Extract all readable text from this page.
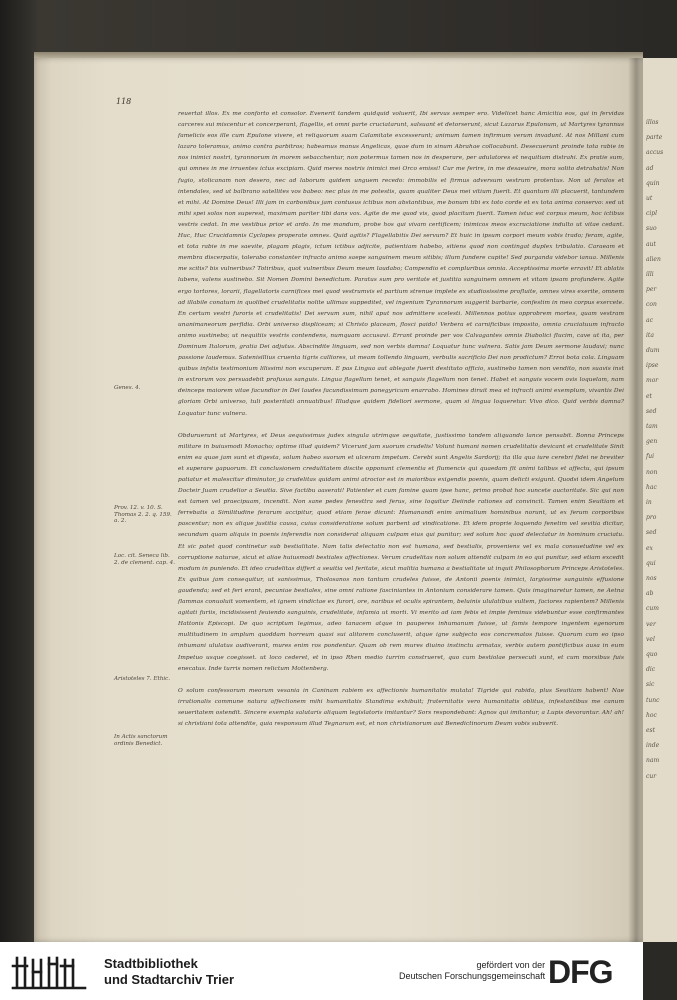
illos
parte
accus
ad
quin
ut
cipl
suo
aut
alien
illi
per
con
ac
ita
dum
ipse
mor
et
sed
tam
gen
fui
non
hac
in
pro
sed
ex
qui
nos
ab
cum
ver
vel
quo
dic
sic
tunc
hoc
est
inde
nam
cur
118

reuertat illos. Ex me conforto et consolor. Evenerit tandem quidquid voluerit, Ibi servus semper ero. Videlicet hanc Amicitia eos, qui in fervidas carceres sui miscentur et concerperant, flagellis, et omni parte cruciatarunt, salsuant et detorserunt, sicut Lazarus Epulonum, ut Martyres tyrannus famelicis eos ille cum Epulone vivere, et reliquorum suam Calamitate excesserunt; animum tamen infirmum verum invadunt. At nos Millani cum lazaro toleramus, animo contra parbitros; habeamus manus Angelicas, quae dum in sinum Abrahae collocabunt. Desecuerunt proinde tota rabie in nos inimici nostri, tyrannorum in morem sebacchentur, non potermus tamen nos in desperare, per adulatores et nequitiam distrahi. Ex pratie sum, qui omnes in me irruentes ictus excipiam. Quid meres nostris inimici mei Orco emissi! Cur me ferire, in me desaeuire, mora solito detrahatis! Non fugio, stolicanam non desero, nec ad laborum quidem unguem recedo: immobilis et firmus adversum vestrum protentus. Non ut feralos et intendales, sed ut balbrano satellites vos babeo: nec plus in me potestis, quam qualiter Deus mei vitium fuerit. Et quantum illi placuerit, tantundem et mihi. At Domine Deus! Illi jam in carbonibus jam contusus ictibus non abstantibus, me bonum tibi ex toto corde et ex tota anima conservo: sed ut mihi spei solos non superest, maximam pariter tibi dans vox. Agite de me quod vis, quod placitum fuerit. Tamen istuc est corpus meum, hoc ictibus vestris cedat. In me vestibus prior et ardo. In me mandum, probe hos qui vivam certificem; inimicos meos excruciatione indulto ut vitae cedant. Huc, Huc Crucidamnis Cyclopes properate omnes. Quid agitis? Flagellabitis Dei servum? Et huic in ipsum corpori meum vobis trado; feram, agite, et tota rabie in me saevite, plagam plagis, ictum ictibus adjicite, patientiam habebo, sitiens quod non contingat duplex tribulatio. Caraeam et membra discerpatis, tolerabo constanter infracto animo saepe sanguinem meum sitibis; illum fundere cupite! Sed purganda videbor ianua. Millenis me scitis? bis vulneribus? Totiribus, quot vulneribus Deum meum laudabo; Campendio et compluribus omnia. Acceptissima morte erravit! Et ablatis lubens, valens sustinebo. Sit Nomen Domini benedictum. Paratus sum pro veritate et justitia sanguinem omnem et vitam ipsam profundere. Agite ergo tortores, lorarii, flagellatoris carnifices mei quod vestrumvis et partium strenue implete ex studiosissime profluite, omnes vires exerite, omnem ad illabile conatum in quolibet crudelitatis nolite ullimas suppeditet, vel ingenium Tyrannorum suggerit barbarie, confestim in meo corpus exercete. En certum vestri furoris et crudelitatis! Dei servum sum, nihil aput nos admittere scelesti. Millennos potius opprobrem mortes, quam vestram unanimaneorum perfidia. Orbi universo displiceam; si Christo placeam, flosci paido! Verbera et carnificibus imposito, omnia cruciatuum infracto animo sustinebo; ut nequitiis vestris contendens, numquam accusavi. Errant proinde per vos Calvagantes omnis Diabolici flucim, cave ut ita, per Dominum Italorum, gratia Dei adjutus. Abscindite linguam, sed non verbis damna! Loquatur tunc vulnera. Satis jam Deum sermone laudavi; nunc passione laudemus. Satenisillius cruenta tigris calliores, ut meam tollendo linguam, verbulis sacrificio Dei non prodictum? Erroi bota cola. Linguam quibus infstis testimonium lilissimi non excuperam. E pas Lingua aut ablegate fuerit destituto officio, sustinebo tamen non vendito, non suavis inst in extrorum vox persuadebit profusus sanguis. Lingua flagellum tenet, et sanguis flagellum non tenet. Habet et sanguis vocem ovis loquelam, nam deinceps maiorem vitae facundior in Dei laudes facundissimum panegyricum enarrabo. Homines diruit mea et infracti animi exemplum, vivantis Dei gloriam Orbi universo, tuli posteritati annuatibus! Illudque quidem fideliori sermone, quam si lingua loqueretur. Vivo dico. Quid verbis damna? Loquatur tunc vulnera.

Obduruerunt ut Martyres, et Deus aequissimus judex singula utrimque aequitate, justissimo tandem aliquando lance pensabit. Bonna Princeps militare in buiusmodi Monacho; optime illud quidem? Vicerunt jam suorum crudelis! Volunt humani nomen crudelitatis devicant et crudelitate Sinit enim ea quae jam sunt et digesta, solum habeo suorum et ulceram impetum. Cerebi sunt Angelis Sardorij; ita illa qua iure cerebri fidei ne breviter et superare gapuorum. Et conclusionem credulitatem discite opponunt clementia et flumencis qui quaedam fit animi talibus et affectu, qui ipsum patiatur et malescitur diminutor, ja crudelitas quidam animi atrocior est in maioribus exigendis poenis, quam delicti exigunt. Quodsi idem Angelum Docteir Juam crudelior a Seuitia. Sive factibu aaserati! Patienter et cum famine quam ipse hanc, primo probat hoc suncete auctoritate. Sic qui non est tamen vel praecipuam, incendit. Non sane pedes fenesttra sed ferus, sine loquitur Deiinde rationes ad convincit. Tamen enim Seuitiam et ferrebatis a Similitudine ferarum accipitur, quod etiam ferae dicunt: Humanandi enim animalium hominibus norunt, ut ex ferum corporibus pascentur; non ex alique justitia causa, cuius consideratione solum parbent ad vindicatione. Et idem proprie loquendo fenetim vel sevitia dicitur, secundum quam aliquis in poenis inferendis non considerat aliquam culpam eius qui punitur; sed solum hoc quod delectatur in hominum cruciatu. Et sic patet quod continetur sub bestialitate. Nam talis delectatio non est humana, sed bestialis, proveniens vel ex mala consuetudine vel ex corruptione naturae, sicut et aliae huiusmodi bestiales affectiones. Verum crudelitas non solum attendit culpam in eo qui punitur, sed etiam excedit modum in puniendo. Et ideo crudelitas differt a seuitia vel feritate, sicut malitia humana a bestialitate ut inquit Philosophorum Princeps Aristoteles. Ex quibus jam consequitur, ut sanissimus, Tholosanos non tantum crudeles fuisse, de Antonii poenis inimici, largissime sanguinis effusione gaudenda; sed et feri erant, pecuniae bestiales, sine omni ratione fasciniantes in Antonium considerare tamen. Quis imaginaretur tamen, ne Aetna flammas conuoluit vomentem, et ignem vindictae ex furori, ore, naribus et oculis spirantem, beluinis ululatibus vultem, faciores rapientem? Millenis agitati furiis, incidisissent feuiendo sanguinis, crudelitate, infamia ut morti. Vi merito ad iam febis et impie feminus videbuntur esse confirmantes Hattonis Episcopi. De quo scriptum legimus, adeo tanacem atque in pauperes inhumanum fuisse, ut famis tempore ingentem egenorum multitudinem in amplum quoddam horreum quasi sui alitorem concluserit, atque igne subjecto eos concrematos fuisse. Quorum cum eo ipso inhumani ululatus audiverant, mures enim ros pondentur. Quam ob rem mures diuino instinctu armatas, verbis autem pontificibus ausa in eum Impetuo usque coegisset. ut loco cederet, et in ipso Rhen medio turrim construeret, quo cum bestiolae persecuti sunt, et cum morsibus fuis enecatus. Inde turris nomen relictum Mottenberg.

O solum confessorum meorum vesania in Caninam rabiem ex affectionis humanitatis mutata! Tigride qui rabida, plus Seuitiam habent! Nae irrationalis commune natura affectionem mihi humanitatis Standima exhibuit; fraternitatis vero humanitatis oblitus, infestantibus me canum seueritatem ostendit. Sincere exempla salutaris aliquam legislatoris imitantur? Sors respondebant: Agnos qui imitantur, a Lupis devorantur. Ah! ah! si christiani tota attendite, quia responsum illud Tegnarum est, et non christianorum aut Benedictinorum Deum vobis subverit.

Genes. 4.
Prov. 12. v. 10. S. Thomas 2. 2. q. 159. a. 2.
Loc. cit. Seneca lib. 2. de clement. cap. 4.
Aristoteles 7. Ethic.
In Actis sanctorum ordinis Benedict.
Stadtbibliothek
und Stadtarchiv Trier
gefördert von der
Deutschen Forschungsgemeinschaft DFG
